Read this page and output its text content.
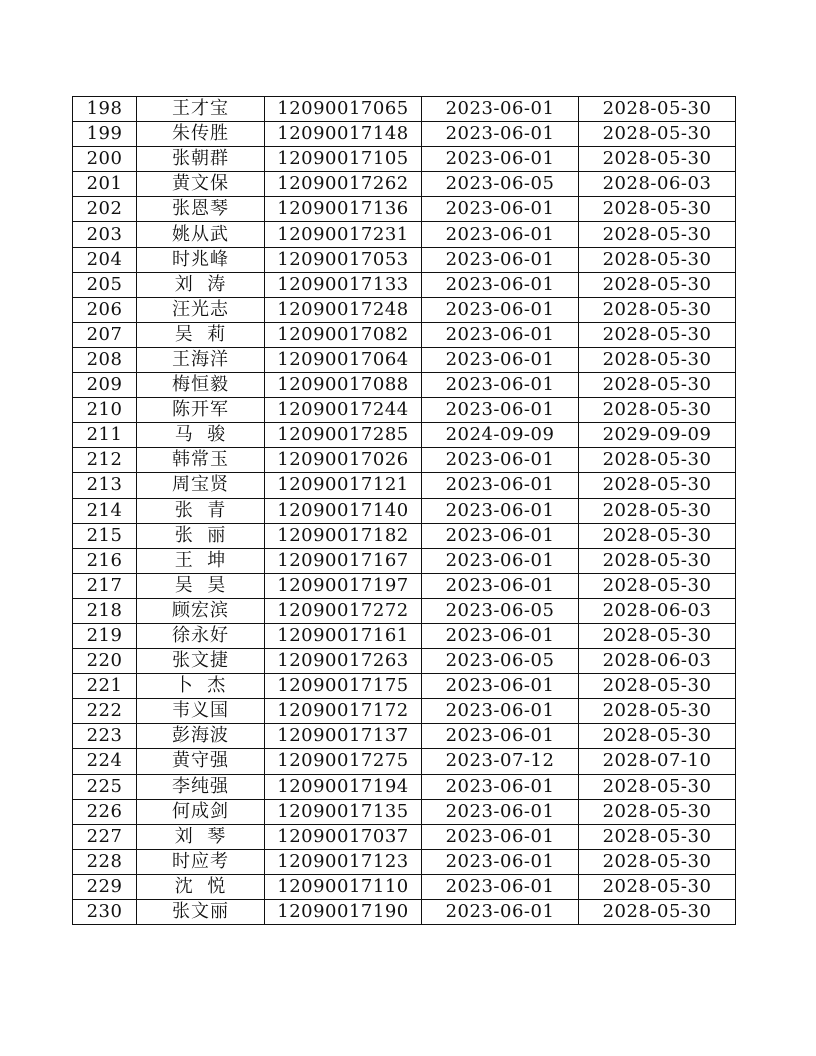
198	王才宝	12090017065	2023-06-01	2028-05-30
199	朱传胜	12090017148	2023-06-01	2028-05-30
200	张朝群	12090017105	2023-06-01	2028-05-30
201	黄文保	12090017262	2023-06-05	2028-06-03
202	张恩琴	12090017136	2023-06-01	2028-05-30
203	姚从武	12090017231	2023-06-01	2028-05-30
204	时兆峰	12090017053	2023-06-01	2028-05-30
205	刘  涛	12090017133	2023-06-01	2028-05-30
206	汪光志	12090017248	2023-06-01	2028-05-30
207	吴  莉	12090017082	2023-06-01	2028-05-30
208	王海洋	12090017064	2023-06-01	2028-05-30
209	梅恒毅	12090017088	2023-06-01	2028-05-30
210	陈开军	12090017244	2023-06-01	2028-05-30
211	马  骏	12090017285	2024-09-09	2029-09-09
212	韩常玉	12090017026	2023-06-01	2028-05-30
213	周宝贤	12090017121	2023-06-01	2028-05-30
214	张  青	12090017140	2023-06-01	2028-05-30
215	张  丽	12090017182	2023-06-01	2028-05-30
216	王  坤	12090017167	2023-06-01	2028-05-30
217	吴  昊	12090017197	2023-06-01	2028-05-30
218	顾宏滨	12090017272	2023-06-05	2028-06-03
219	徐永好	12090017161	2023-06-01	2028-05-30
220	张文捷	12090017263	2023-06-05	2028-06-03
221	卜  杰	12090017175	2023-06-01	2028-05-30
222	韦义国	12090017172	2023-06-01	2028-05-30
223	彭海波	12090017137	2023-06-01	2028-05-30
224	黄守强	12090017275	2023-07-12	2028-07-10
225	李纯强	12090017194	2023-06-01	2028-05-30
226	何成剑	12090017135	2023-06-01	2028-05-30
227	刘  琴	12090017037	2023-06-01	2028-05-30
228	时应考	12090017123	2023-06-01	2028-05-30
229	沈  悦	12090017110	2023-06-01	2028-05-30
230	张文丽	12090017190	2023-06-01	2028-05-30
